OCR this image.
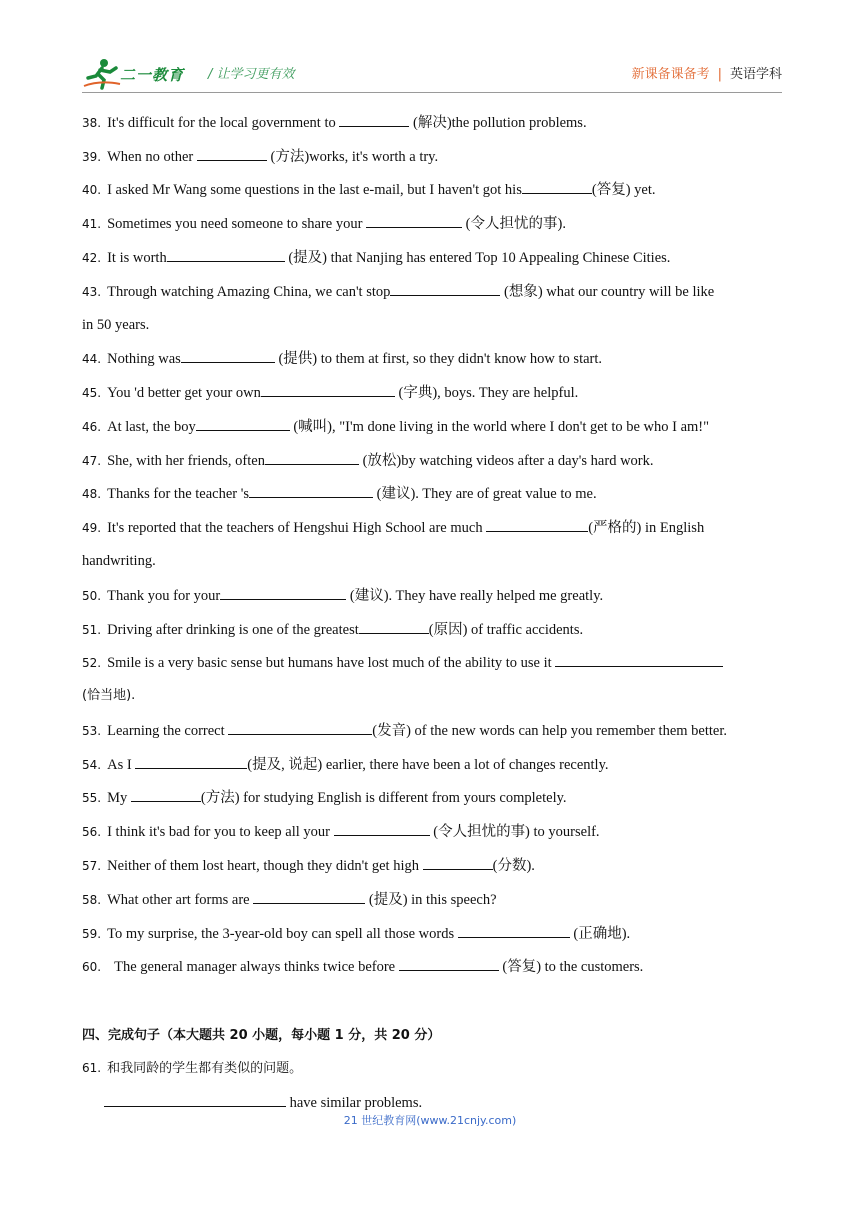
二一教育 / 让学习更有效	新课备课备考 | 英语学科
38. It's difficult for the local government to	(解决)the pollution problems.
39. When no other	(方法)works, it's worth a try.
40. I asked Mr Wang some questions in the last e-mail, but I haven't got his	(答复) yet.
41. Sometimes you need someone to share your	(令人担忧的事).
42. It is worth	(提及) that Nanjing has entered Top 10 Appealing Chinese Cities.
43. Through watching Amazing China, we can't stop	(想象) what our country will be like
in 50 years.
44. Nothing was	(提供) to them at first, so they didn't know how to start.
45. You 'd better get your own	(字典), boys. They are helpful.
46. At last, the boy	(喊叫), "I'm done living in the world where I don't get to be who I am!"
47. She, with her friends, often	(放松)by watching videos after a day's hard work.
48. Thanks for the teacher 's	(建议). They are of great value to me.
49. It's reported that the teachers of Hengshui High School are much	(严格的) in English
handwriting.
50. Thank you for your	(建议). They have really helped me greatly.
51. Driving after drinking is one of the greatest	(原因) of traffic accidents.
52. Smile is a very basic sense but humans have lost much of the ability to use it
(恰当地).
53. Learning the correct	(发音) of the new words can help you remember them better.
54. As I	(提及, 说起) earlier, there have been a lot of changes recently.
55. My	(方法) for studying English is different from yours completely.
56. I think it's bad for you to keep all your	(令人担忧的事) to yourself.
57. Neither of them lost heart, though they didn't get high	(分数).
58. What other art forms are	(提及) in this speech?
59. To my surprise, the 3-year-old boy can spell all those words	(正确地).
60.  The general manager always thinks twice before	(答复) to the customers.
四、完成句子（本大题共 20 小题，每小题 1 分，共 20 分）
61. 和我同龄的学生都有类似的问题。
have similar problems.
21 世纪教育网(www.21cnjy.com)
